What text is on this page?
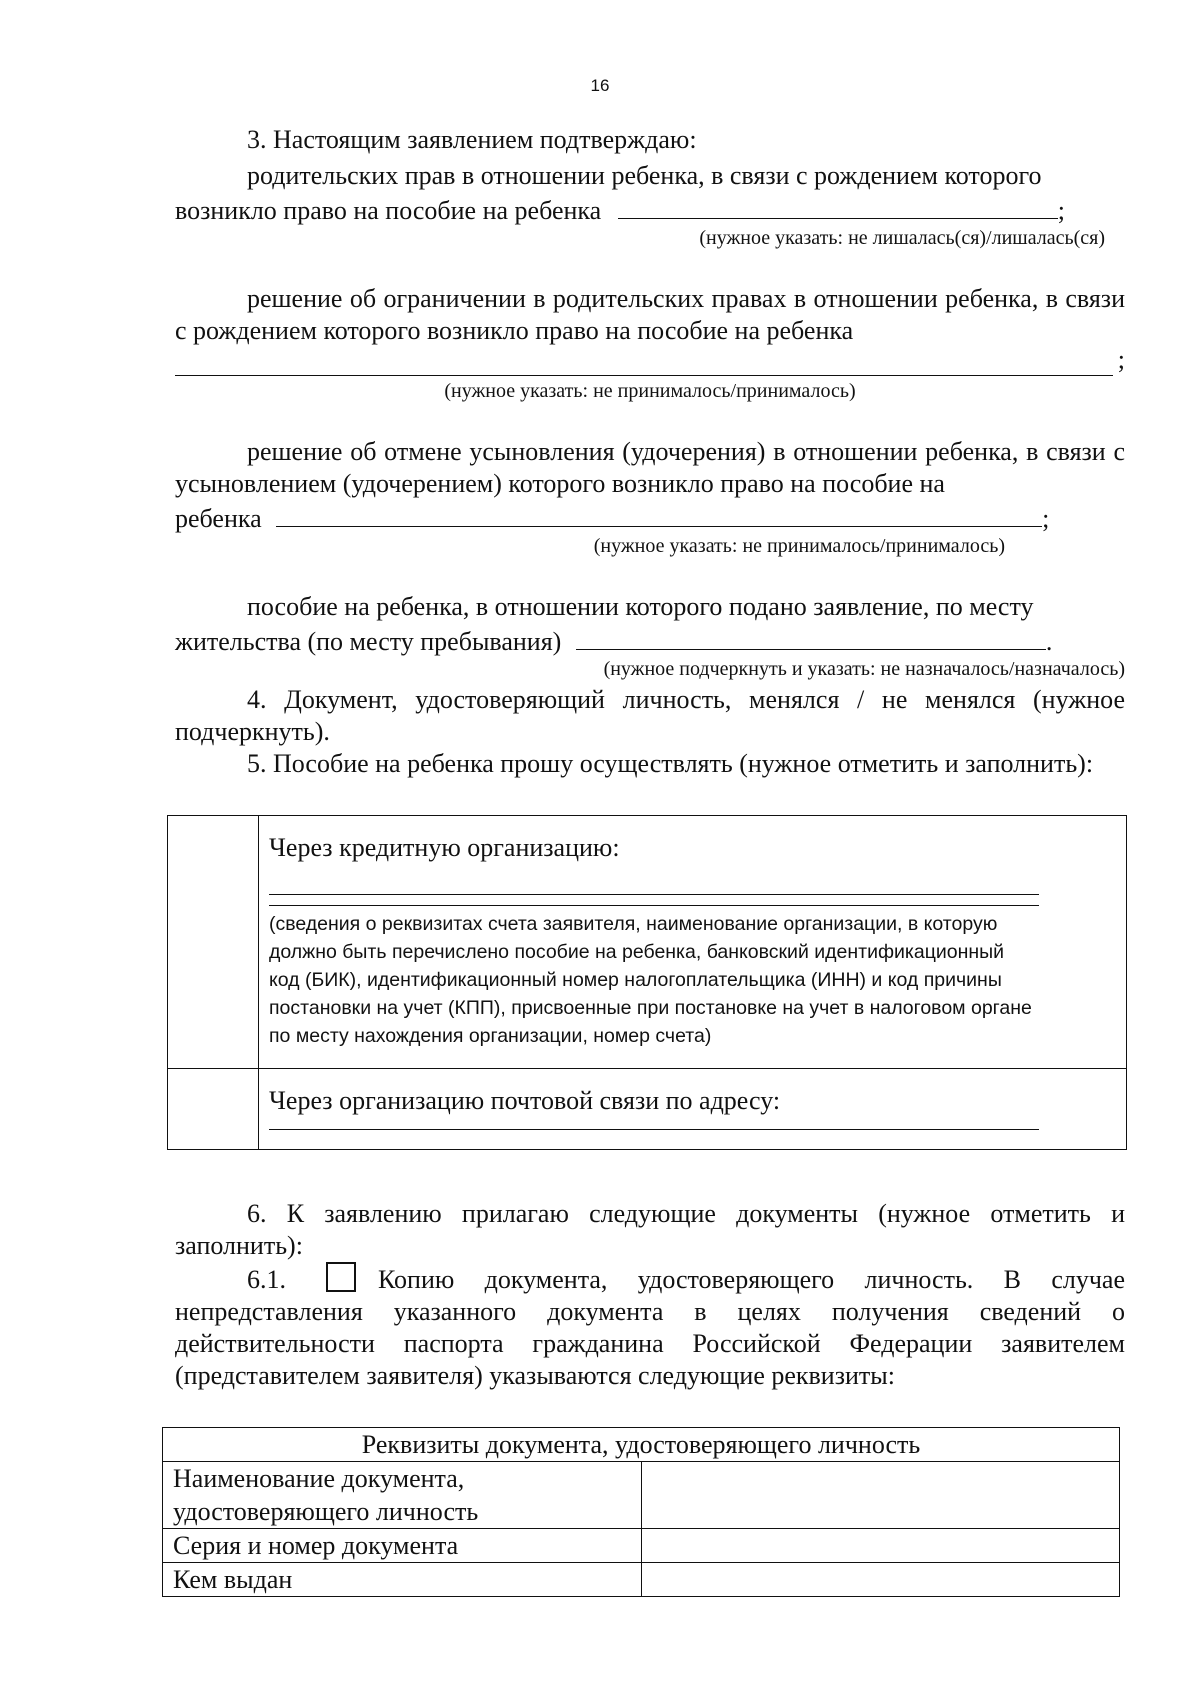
16

3. Настоящим заявлением подтверждаю:

родительских прав в отношении ребенка, в связи с рождением которого

возникло право на пособие на ребенка	;

(нужное указать: не лишалась(ся)/лишалась(ся)

решение об ограничении в родительских правах в отношении ребенка, в связи с рождением которого возникло право на пособие на ребенка

;

(нужное указать: не принималось/принималось)

решение об отмене усыновления (удочерения) в отношении ребенка, в связи с усыновлением (удочерением) которого возникло право на пособие на

ребенка	;

(нужное указать: не принималось/принималось)

пособие на ребенка, в отношении которого подано заявление, по месту

жительства (по месту пребывания)	.

(нужное подчеркнуть и указать: не назначалось/назначалось)

4. Документ, удостоверяющий личность, менялся / не менялся (нужное подчеркнуть).

5. Пособие на ребенка прошу осуществлять (нужное отметить и заполнить):

	Через кредитную организацию:
(сведения о реквизитах счета заявителя, наименование организации, в которую должно быть перечислено пособие на ребенка, банковский идентификационный код (БИК), идентификационный номер налогоплательщика (ИНН) и код причины постановки на учет (КПП), присвоенные при постановке на учет в налоговом органе по месту нахождения организации, номер счета)

	Через организацию почтовой связи по адресу:

6. К заявлению прилагаю следующие документы (нужное отметить и заполнить):

6.1.	Копию документа, удостоверяющего личность. В случае непредставления указанного документа в целях получения сведений о действительности паспорта гражданина Российской Федерации заявителем (представителем заявителя) указываются следующие реквизиты:

Реквизиты документа, удостоверяющего личность	
Наименование документа, удостоверяющего личность	
Серия и номер документа	
Кем выдан	
